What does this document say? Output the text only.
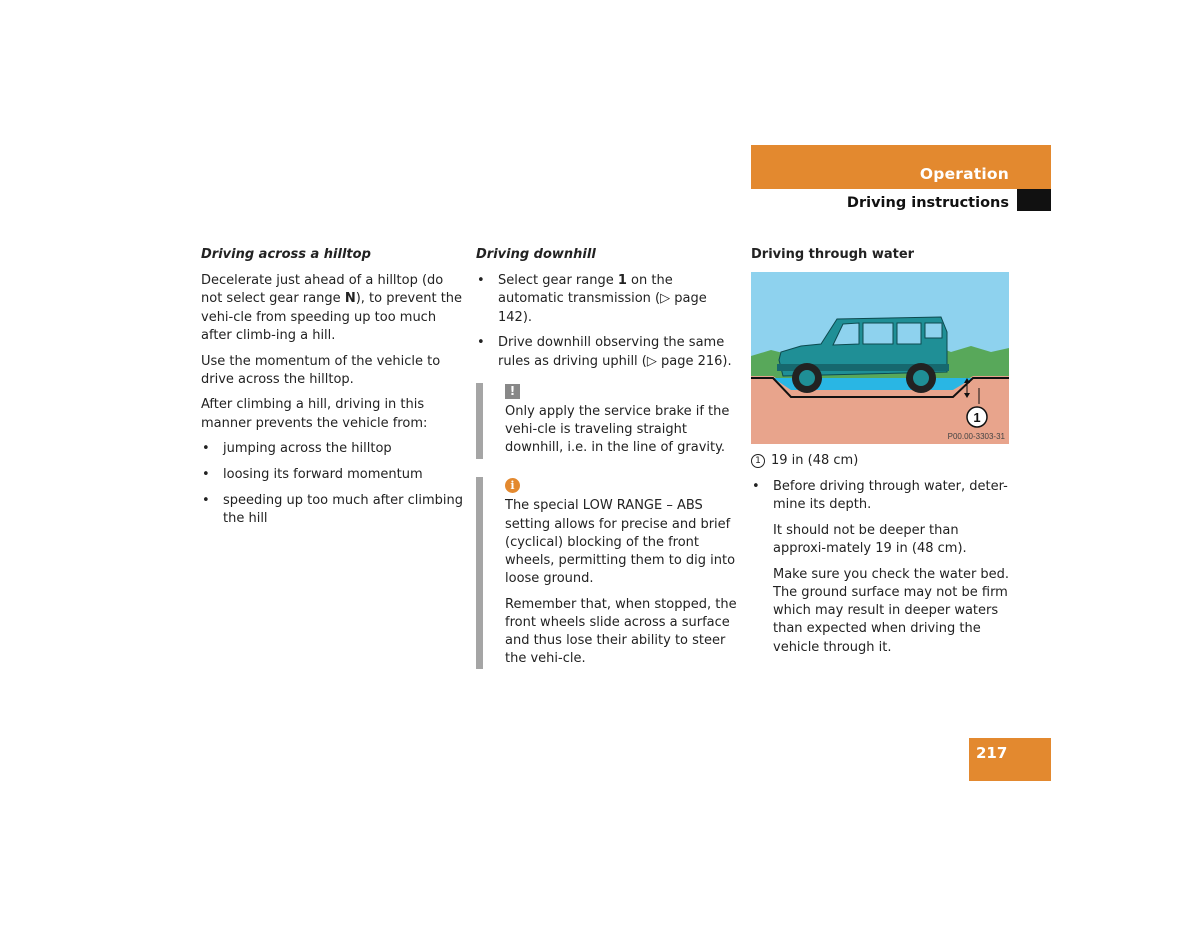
Operation
Driving instructions
Driving across a hilltop

Decelerate just ahead of a hilltop (do not select gear range N), to prevent the vehi-cle from speeding up too much after climb-ing a hill.

Use the momentum of the vehicle to drive across the hilltop.

After climbing a hill, driving in this manner prevents the vehicle from:

• jumping across the hilltop
• loosing its forward momentum
• speeding up too much after climbing the hill
Driving downhill
• Select gear range 1 on the automatic transmission (▷ page 142).
• Drive downhill observing the same rules as driving uphill (▷ page 216).
!
Only apply the service brake if the vehi-cle is traveling straight downhill, i.e. in the line of gravity.
i

The special LOW RANGE – ABS setting allows for precise and brief (cyclical) blocking of the front wheels, permitting them to dig into loose ground.

Remember that, when stopped, the front wheels slide across a surface and thus lose their ability to steer the vehi-cle.

Driving through water
1
P00.00-3303-31
1 19 in (48 cm)
• Before driving through water, deter-mine its depth.

It should not be deeper than approxi-mately 19 in (48 cm).

Make sure you check the water bed. The ground surface may not be firm which may result in deeper waters than expected when driving the vehicle through it.

217
